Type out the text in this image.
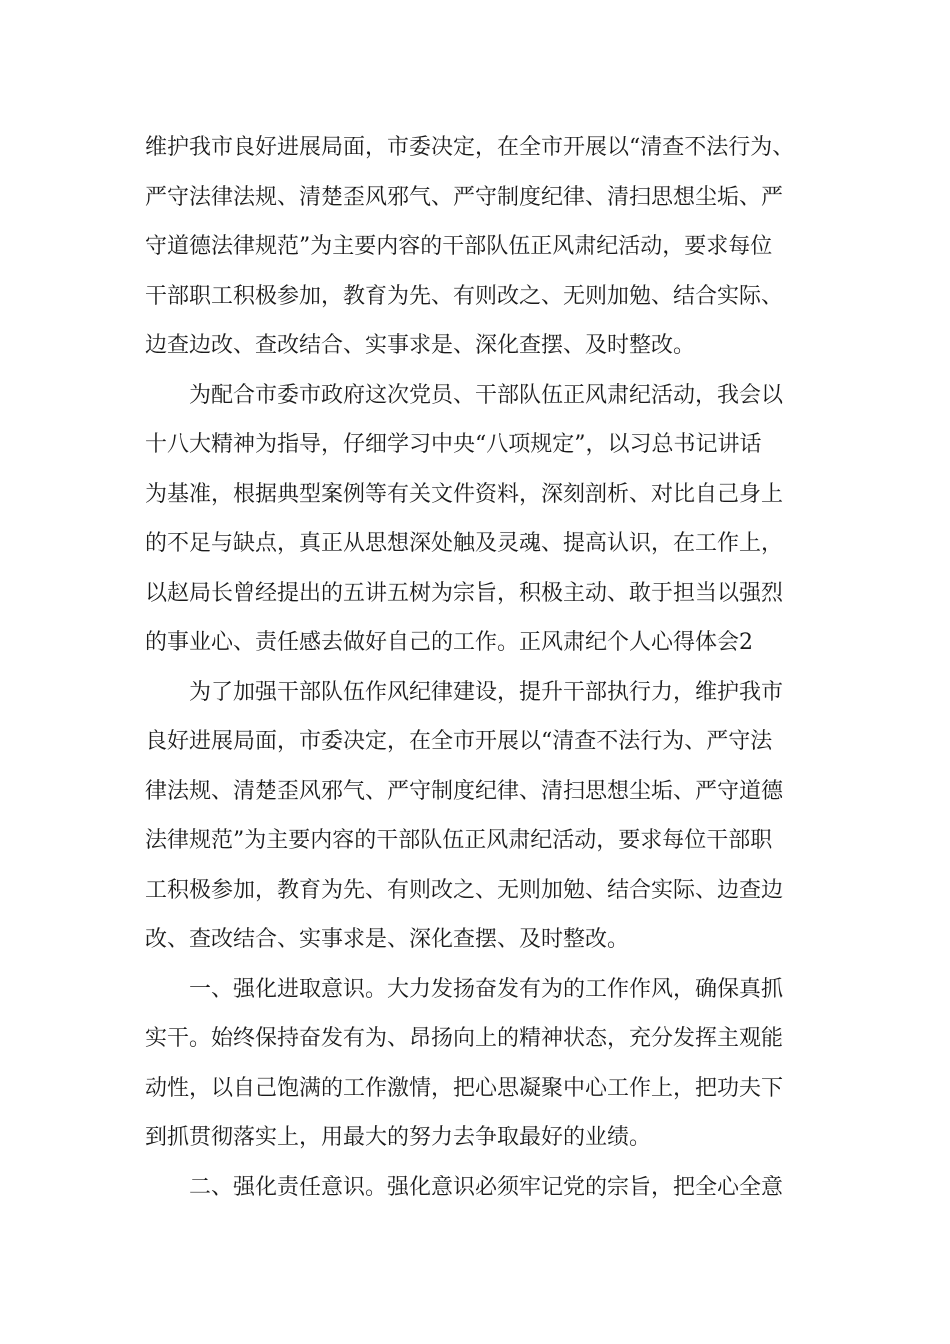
维护我市良好进展局面，市委决定，在全市开展以“清查不法行为、
严守法律法规、清楚歪风邪气、严守制度纪律、清扫思想尘垢、严
守道德法律规范”为主要内容的干部队伍正风肃纪活动，要求每位
干部职工积极参加，教育为先、有则改之、无则加勉、结合实际、
边查边改、查改结合、实事求是、深化查摆、及时整改。
为配合市委市政府这次党员、干部队伍正风肃纪活动，我会以
十八大精神为指导，仔细学习中央“八项规定”，以习总书记讲话
为基准，根据典型案例等有关文件资料，深刻剖析、对比自己身上
的不足与缺点，真正从思想深处触及灵魂、提高认识，在工作上，
以赵局长曾经提出的五讲五树为宗旨，积极主动、敢于担当以强烈
的事业心、责任感去做好自己的工作。正风肃纪个人心得体会2
为了加强干部队伍作风纪律建设，提升干部执行力，维护我市
良好进展局面，市委决定，在全市开展以“清查不法行为、严守法
律法规、清楚歪风邪气、严守制度纪律、清扫思想尘垢、严守道德
法律规范”为主要内容的干部队伍正风肃纪活动，要求每位干部职
工积极参加，教育为先、有则改之、无则加勉、结合实际、边查边
改、查改结合、实事求是、深化查摆、及时整改。
一、强化进取意识。大力发扬奋发有为的工作作风，确保真抓
实干。始终保持奋发有为、昂扬向上的精神状态，充分发挥主观能
动性，以自己饱满的工作激情，把心思凝聚中心工作上，把功夫下
到抓贯彻落实上，用最大的努力去争取最好的业绩。
二、强化责任意识。强化意识必须牢记党的宗旨，把全心全意
